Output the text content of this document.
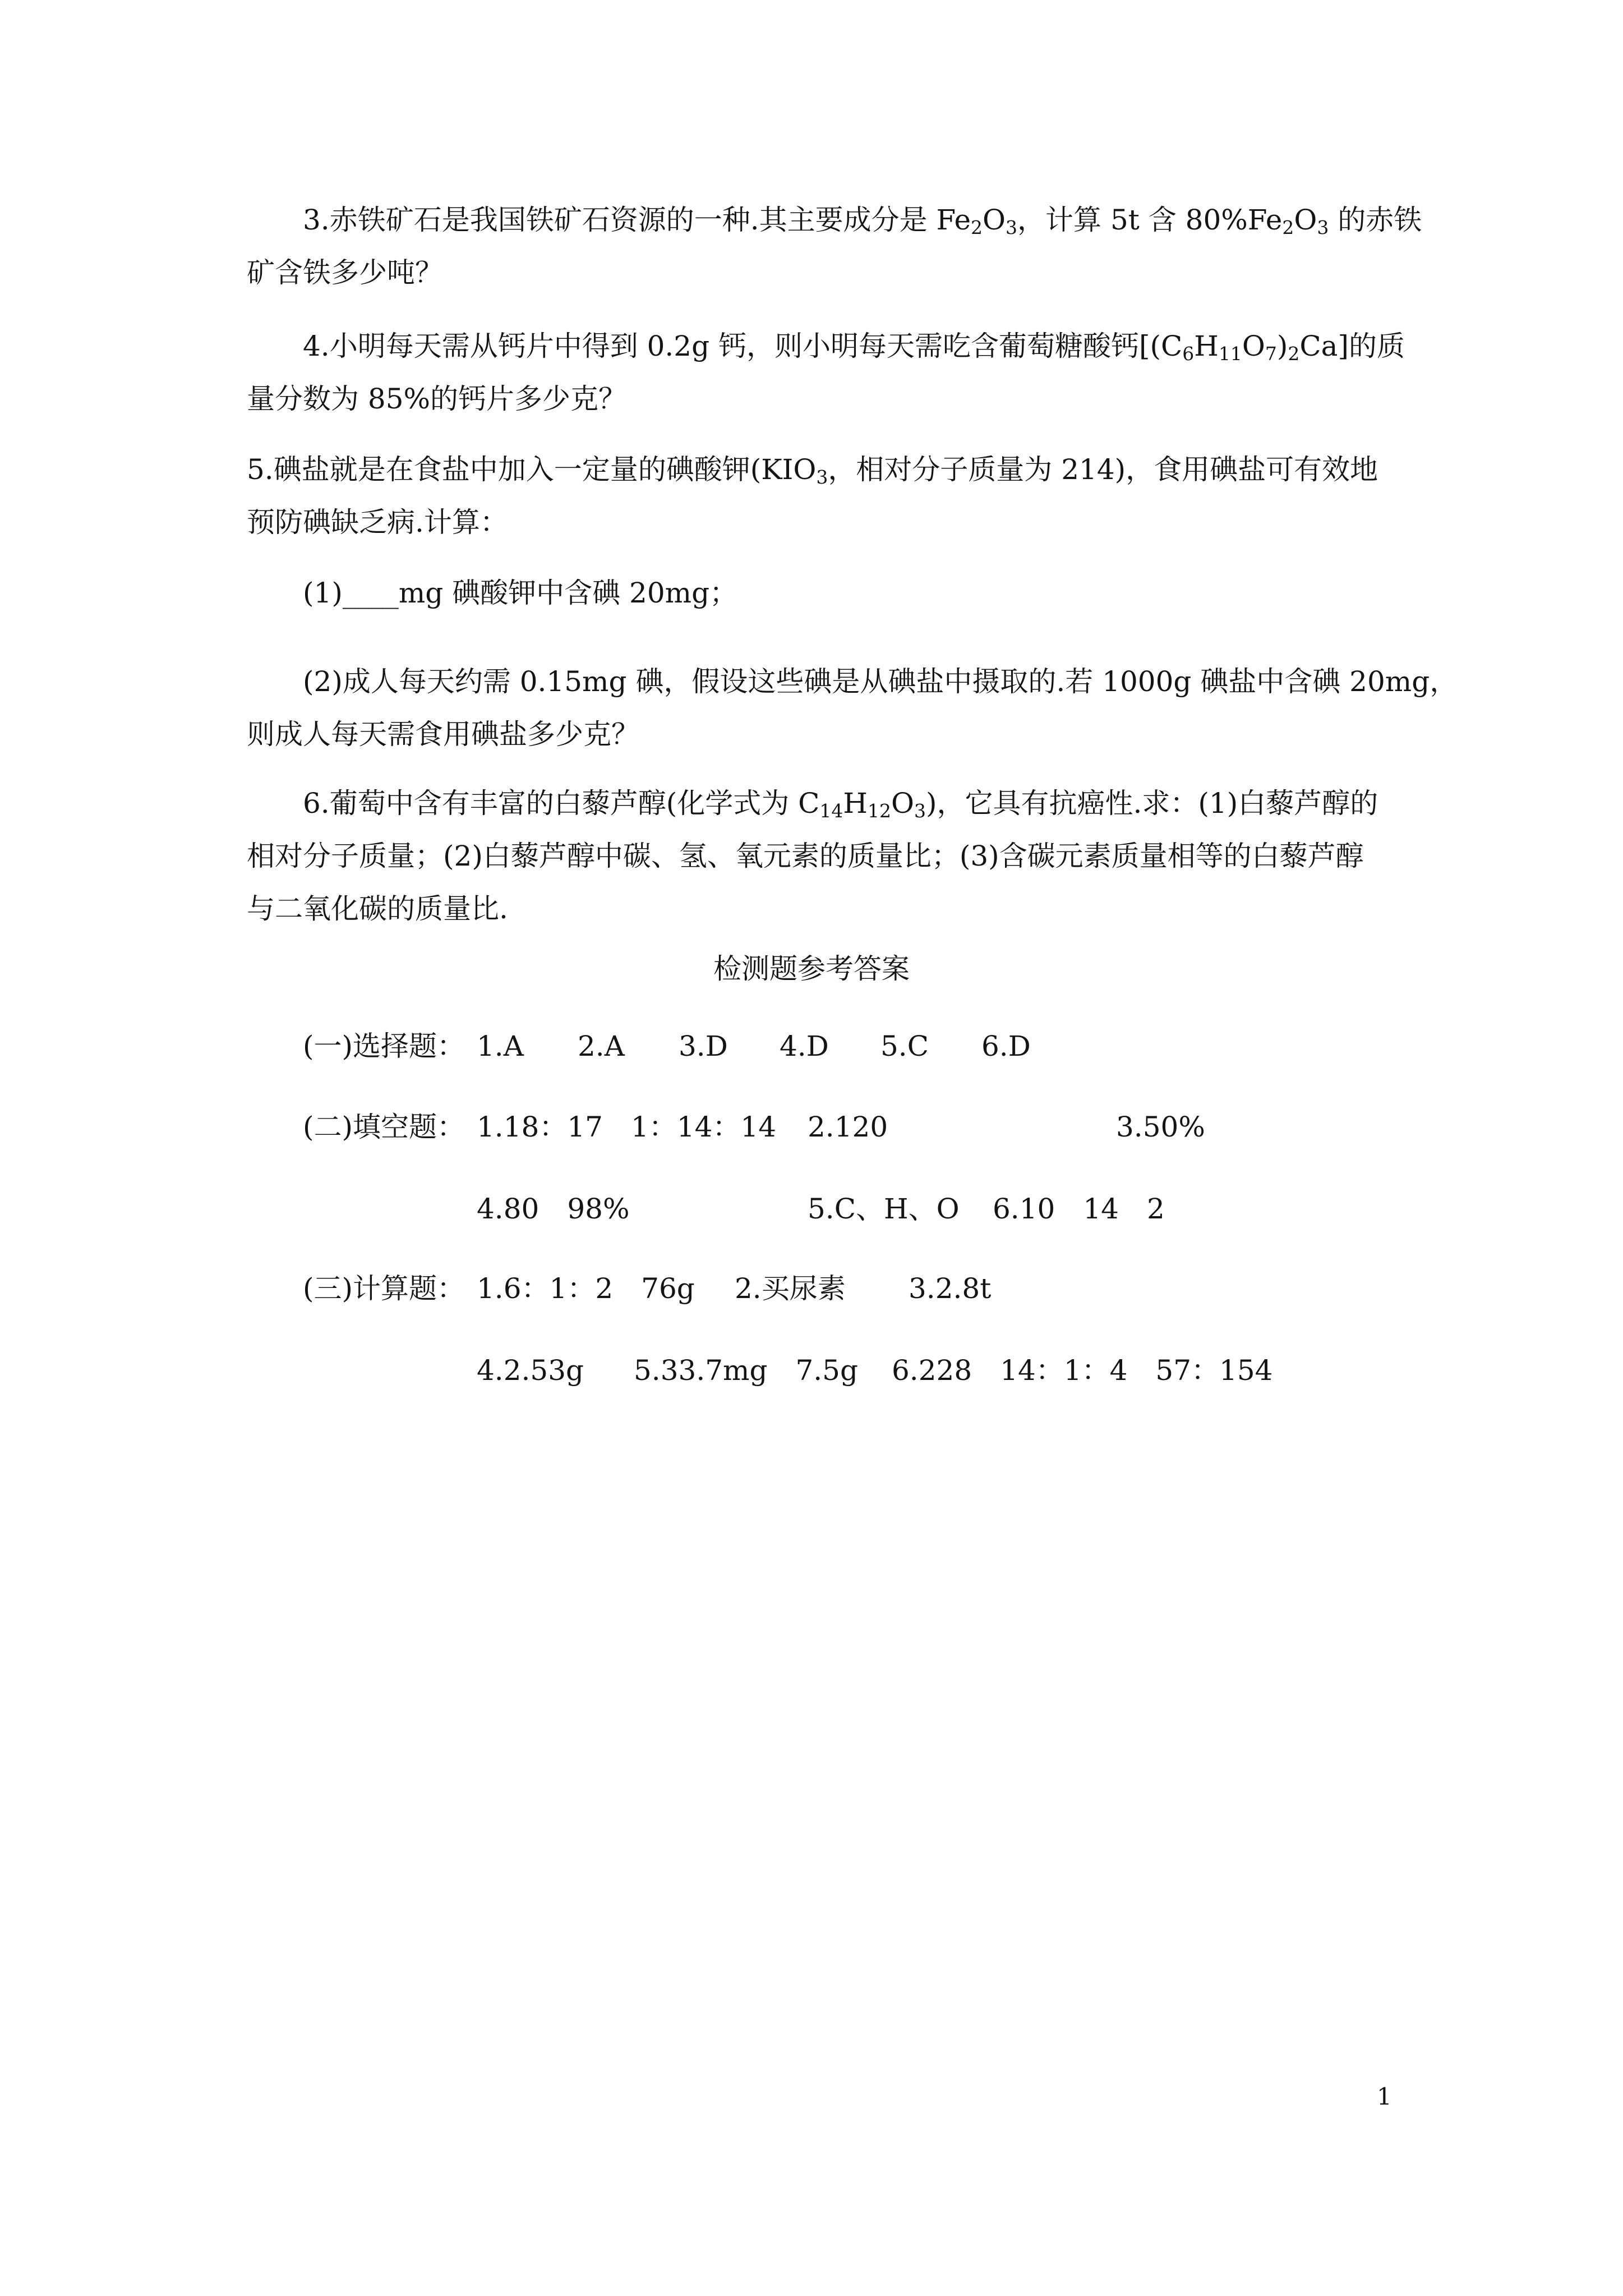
3.赤铁矿石是我国铁矿石资源的一种.其主要成分是 $Fe_2O_3$，计算 5t 含 $80\%Fe_2O_3$ 的赤铁
矿含铁多少吨？
4.小明每天需从钙片中得到 0.2g 钙，则小明每天需吃含葡萄糖酸钙$[(C_6H_{11}O_7)_2Ca]$的质
量分数为 85%的钙片多少克？
5.碘盐就是在食盐中加入一定量的碘酸钾($KIO_3$，相对分子质量为 214)，食用碘盐可有效地
预防碘缺乏病.计算：
(1)____mg 碘酸钾中含碘 20mg；
(2)成人每天约需 0.15mg 碘，假设这些碘是从碘盐中摄取的.若 1000g 碘盐中含碘 20mg，
则成人每天需食用碘盐多少克？
6.葡萄中含有丰富的白藜芦醇(化学式为 $C_{14}H_{12}O_3$)，它具有抗癌性.求：(1)白藜芦醇的
相对分子质量；(2)白藜芦醇中碳、氢、氧元素的质量比；(3)含碳元素质量相等的白藜芦醇
与二氧化碳的质量比.
检测题参考答案
(一)选择题： 1.A 2.A 3.D 4.D 5.C 6.D
(二)填空题： 1.18：17　1：14：14 2.120	3.50%
4.80　98%	5.C、H、O 6.10　14　2
(三)计算题： 1.6：1：2　76g 2.买尿素 3.2.8t
4.2.53g 5.33.7mg　7.5g 6.228　14：1：4　57：154
1
